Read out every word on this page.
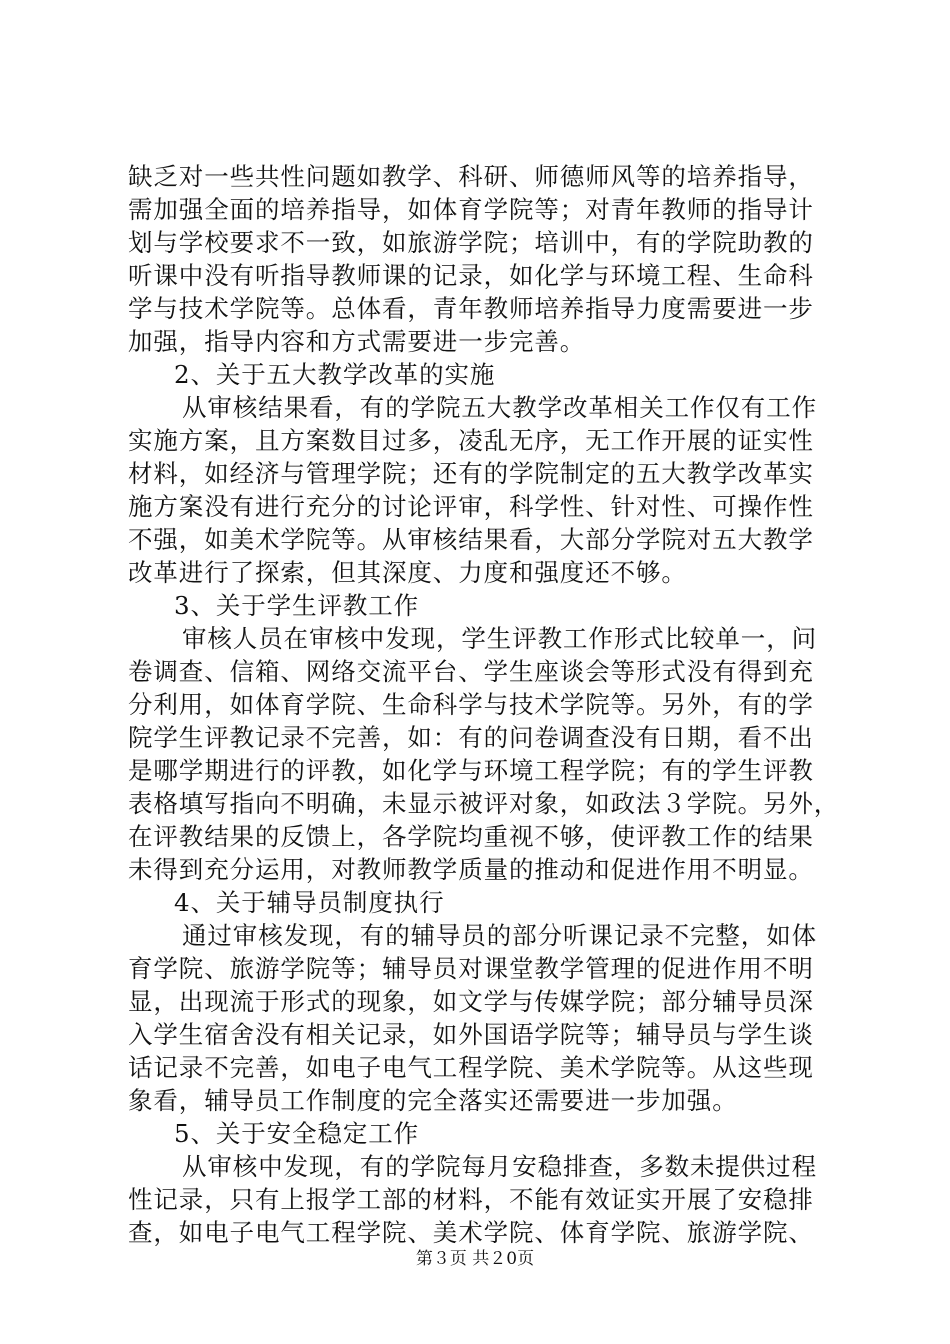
缺乏对一些共性问题如教学、科研、师德师风等的培养指导，
需加强全面的培养指导，如体育学院等；对青年教师的指导计
划与学校要求不一致，如旅游学院；培训中，有的学院助教的
听课中没有听指导教师课的记录，如化学与环境工程、生命科
学与技术学院等。总体看，青年教师培养指导力度需要进一步
加强，指导内容和方式需要进一步完善。
2、关于五大教学改革的实施
从审核结果看，有的学院五大教学改革相关工作仅有工作
实施方案，且方案数目过多，凌乱无序，无工作开展的证实性
材料，如经济与管理学院；还有的学院制定的五大教学改革实
施方案没有进行充分的讨论评审，科学性、针对性、可操作性
不强，如美术学院等。从审核结果看，大部分学院对五大教学
改革进行了探索，但其深度、力度和强度还不够。
3、关于学生评教工作
审核人员在审核中发现，学生评教工作形式比较单一，问
卷调查、信箱、网络交流平台、学生座谈会等形式没有得到充
分利用，如体育学院、生命科学与技术学院等。另外，有的学
院学生评教记录不完善，如：有的问卷调查没有日期，看不出
是哪学期进行的评教，如化学与环境工程学院；有的学生评教
表格填写指向不明确，未显示被评对象，如政法３学院。另外，
在评教结果的反馈上，各学院均重视不够，使评教工作的结果
未得到充分运用，对教师教学质量的推动和促进作用不明显。
4、关于辅导员制度执行
通过审核发现，有的辅导员的部分听课记录不完整，如体
育学院、旅游学院等；辅导员对课堂教学管理的促进作用不明
显，出现流于形式的现象，如文学与传媒学院；部分辅导员深
入学生宿舍没有相关记录，如外国语学院等；辅导员与学生谈
话记录不完善，如电子电气工程学院、美术学院等。从这些现
象看，辅导员工作制度的完全落实还需要进一步加强。
5、关于安全稳定工作
从审核中发现，有的学院每月安稳排查，多数未提供过程
性记录，只有上报学工部的材料，不能有效证实开展了安稳排
查，如电子电气工程学院、美术学院、体育学院、旅游学院、
第３页 共２0页
